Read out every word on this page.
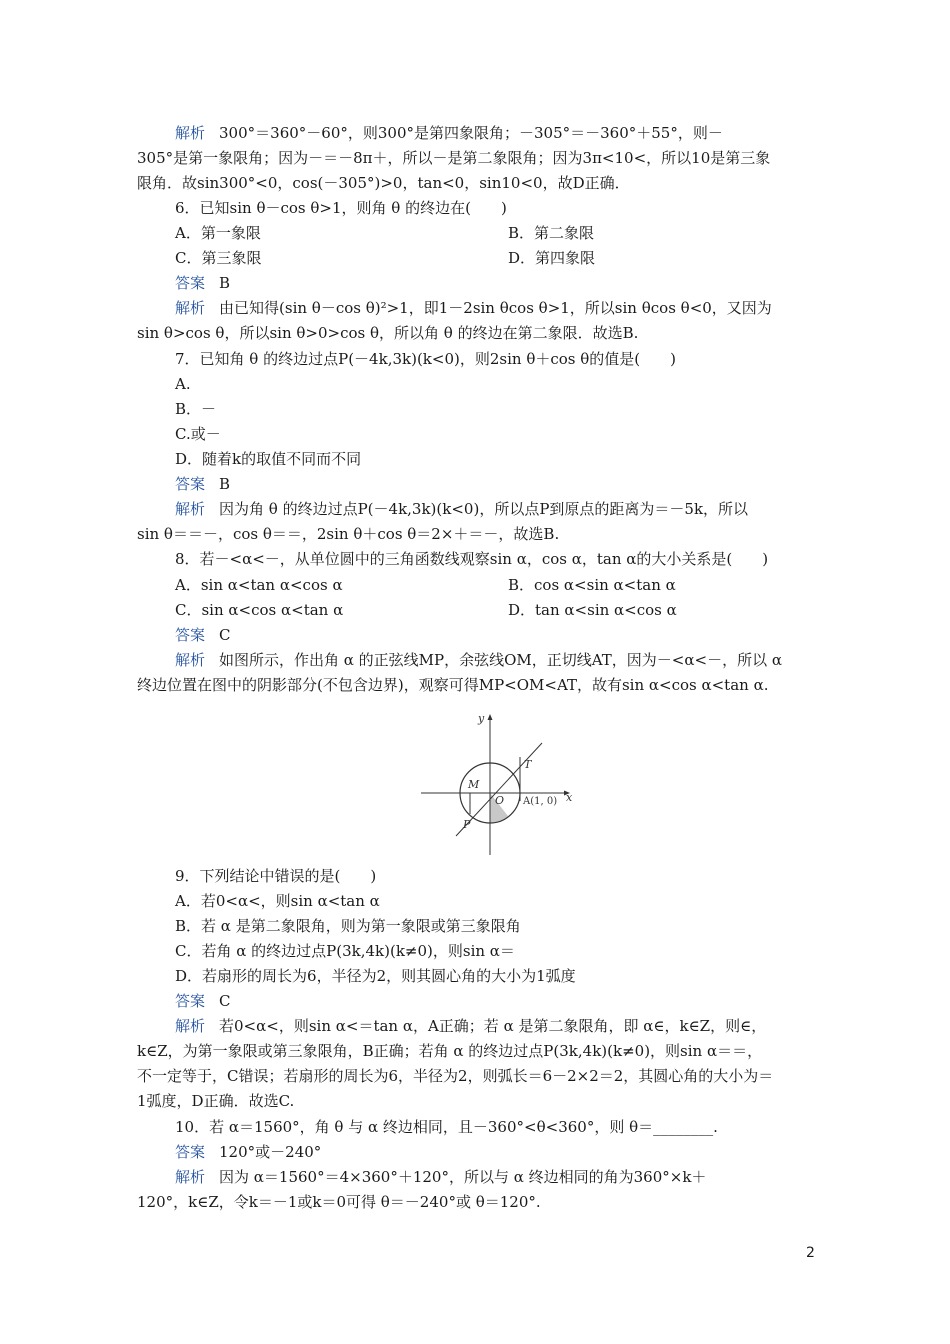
解析 300°＝360°－60°，则300°是第四象限角；－305°＝－360°＋55°，则－
305°是第一象限角；因为－＝－8π＋，所以－是第二象限角；因为3π<10<，所以10是第三象
限角．故sin300°<0，cos(－305°)>0，tan<0，sin10<0，故D正确．
6．已知sin θ－cos θ>1，则角 θ 的终边在(　　)
A．第一象限	B．第二象限
C．第三象限	D．第四象限
答案 B
解析 由已知得(sin θ－cos θ)²>1，即1－2sin θcos θ>1，所以sin θcos θ<0，又因为
sin θ>cos θ，所以sin θ>0>cos θ，所以角 θ 的终边在第二象限．故选B.
7．已知角 θ 的终边过点P(－4k,3k)(k<0)，则2sin θ＋cos θ的值是(　　)
A.
B．－
C.或－
D．随着k的取值不同而不同
答案 B
解析 因为角 θ 的终边过点P(－4k,3k)(k<0)，所以点P到原点的距离为＝－5k，所以
sin θ＝＝－，cos θ＝＝，2sin θ＋cos θ＝2×＋＝－，故选B.
8．若－<α<－，从单位圆中的三角函数线观察sin α，cos α，tan α的大小关系是(　　)
A．sin α<tan α<cos α	B．cos α<sin α<tan α
C．sin α<cos α<tan α	D．tan α<sin α<cos α
答案 C
解析 如图所示，作出角 α 的正弦线MP，余弦线OM，正切线AT，因为－<α<－，所以 α
终边位置在图中的阴影部分(不包含边界)，观察可得MP<OM<AT，故有sin α<cos α<tan α.
y
x
O
M
P
T
A(1, 0)
9．下列结论中错误的是(　　)
A．若0<α<，则sin α<tan α
B．若 α 是第二象限角，则为第一象限或第三象限角
C．若角 α 的终边过点P(3k,4k)(k≠0)，则sin α＝
D．若扇形的周长为6，半径为2，则其圆心角的大小为1弧度
答案 C
解析 若0<α<，则sin α<＝tan α，A正确；若 α 是第二象限角，即 α∈，k∈Z，则∈，
k∈Z，为第一象限或第三象限角，B正确；若角 α 的终边过点P(3k,4k)(k≠0)，则sin α＝＝，
不一定等于，C错误；若扇形的周长为6，半径为2，则弧长＝6－2×2＝2，其圆心角的大小为＝
1弧度，D正确．故选C.
10．若 α＝1560°，角 θ 与 α 终边相同，且－360°<θ<360°，则 θ＝________.
答案 120°或－240°
解析 因为 α＝1560°＝4×360°＋120°，所以与 α 终边相同的角为360°×k＋
120°，k∈Z，令k＝－1或k＝0可得 θ＝－240°或 θ＝120°.
2
